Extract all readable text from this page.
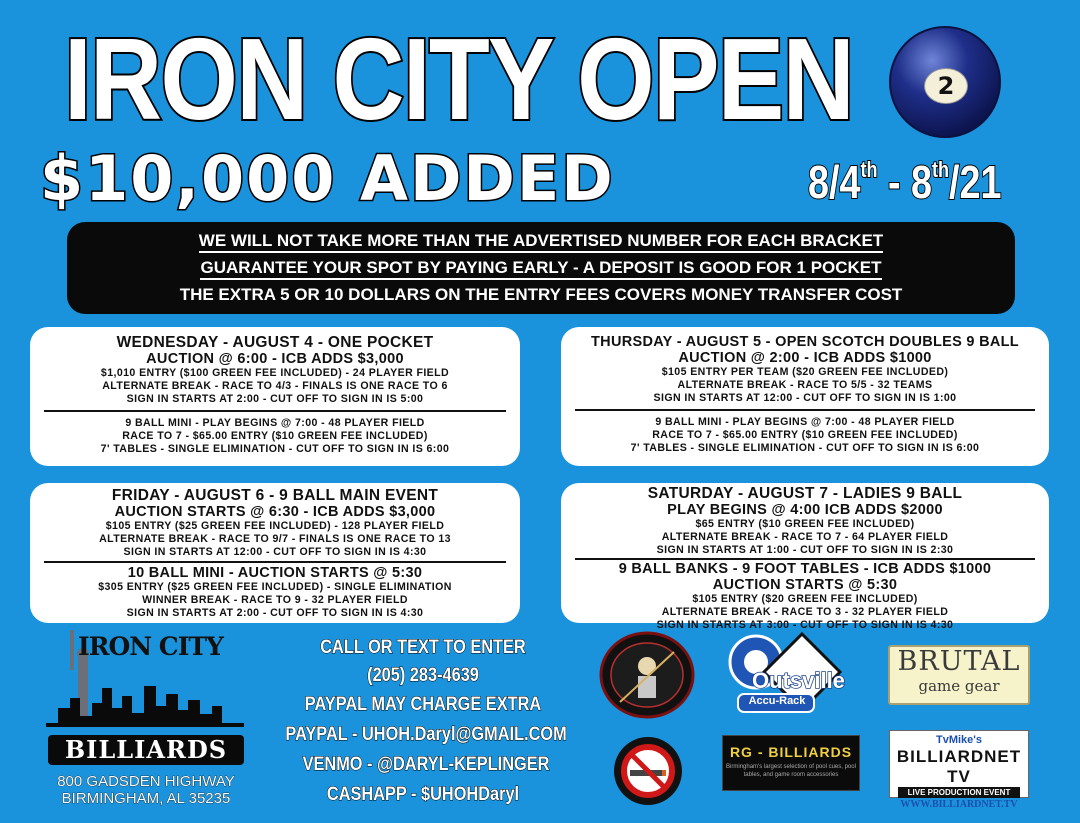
IRON CITY OPEN	2
$10,000 ADDED	8/4th - 8th/21
WE WILL NOT TAKE MORE THAN THE ADVERTISED NUMBER FOR EACH BRACKET
GUARANTEE YOUR SPOT BY PAYING EARLY - A DEPOSIT IS GOOD FOR 1 POCKET
THE EXTRA 5 OR 10 DOLLARS ON THE ENTRY FEES COVERS MONEY TRANSFER COST
WEDNESDAY - AUGUST 4 - ONE POCKET
AUCTION @ 6:00 - ICB ADDS $3,000
$1,010 ENTRY ($100 GREEN FEE INCLUDED) - 24 PLAYER FIELD
ALTERNATE BREAK - RACE TO 4/3 - FINALS IS ONE RACE TO 6
SIGN IN STARTS AT 2:00 - CUT OFF TO SIGN IN IS 5:00
9 BALL MINI - PLAY BEGINS @ 7:00 - 48 PLAYER FIELD
RACE TO 7 - $65.00 ENTRY ($10 GREEN FEE INCLUDED)
7' TABLES - SINGLE ELIMINATION - CUT OFF TO SIGN IN IS 6:00
THURSDAY - AUGUST 5 - OPEN SCOTCH DOUBLES 9 BALL
AUCTION @ 2:00 - ICB ADDS $1000
$105 ENTRY PER TEAM ($20 GREEN FEE INCLUDED)
ALTERNATE BREAK - RACE TO 5/5 - 32 TEAMS
SIGN IN STARTS AT 12:00 - CUT OFF TO SIGN IN IS 1:00
9 BALL MINI - PLAY BEGINS @ 7:00 - 48 PLAYER FIELD
RACE TO 7 - $65.00 ENTRY ($10 GREEN FEE INCLUDED)
7' TABLES - SINGLE ELIMINATION - CUT OFF TO SIGN IN IS 6:00
FRIDAY - AUGUST 6 - 9 BALL MAIN EVENT
AUCTION STARTS @ 6:30 - ICB ADDS $3,000
$105 ENTRY ($25 GREEN FEE INCLUDED) - 128 PLAYER FIELD
ALTERNATE BREAK - RACE TO 9/7 - FINALS IS ONE RACE TO 13
SIGN IN STARTS AT 12:00 - CUT OFF TO SIGN IN IS 4:30
10 BALL MINI - AUCTION STARTS @ 5:30
$305 ENTRY ($25 GREEN FEE INCLUDED) - SINGLE ELIMINATION
WINNER BREAK - RACE TO 9 - 32 PLAYER FIELD
SIGN IN STARTS AT 2:00 - CUT OFF TO SIGN IN IS 4:30
SATURDAY - AUGUST 7 - LADIES 9 BALL
PLAY BEGINS @ 4:00 ICB ADDS $2000
$65 ENTRY ($10 GREEN FEE INCLUDED)
ALTERNATE BREAK - RACE TO 7 - 64 PLAYER FIELD
SIGN IN STARTS AT 1:00 - CUT OFF TO SIGN IN IS 2:30
9 BALL BANKS - 9 FOOT TABLES - ICB ADDS $1000
AUCTION STARTS @ 5:30
$105 ENTRY ($20 GREEN FEE INCLUDED)
ALTERNATE BREAK - RACE TO 3 - 32 PLAYER FIELD
SIGN IN STARTS AT 3:00 - CUT OFF TO SIGN IN IS 4:30
IRON CITY
BILLIARDS
800 GADSDEN HIGHWAY
BIRMINGHAM, AL 35235
CALL OR TEXT TO ENTER
(205) 283-4639
PAYPAL MAY CHARGE EXTRA
PAYPAL - UHOH.Daryl@GMAIL.COM
VENMO - @DARYL-KEPLINGER
CASHAPP - $UHOHDaryl
Outsville
Accu-Rack
BRUTAL
game gear
RG - BILLIARDS
Birmingham's largest selection of pool cues, pool tables, and game room accessories
TvMike's
BILLIARDNET TV
LIVE PRODUCTION EVENT
WWW.BILLIARDNET.TV
